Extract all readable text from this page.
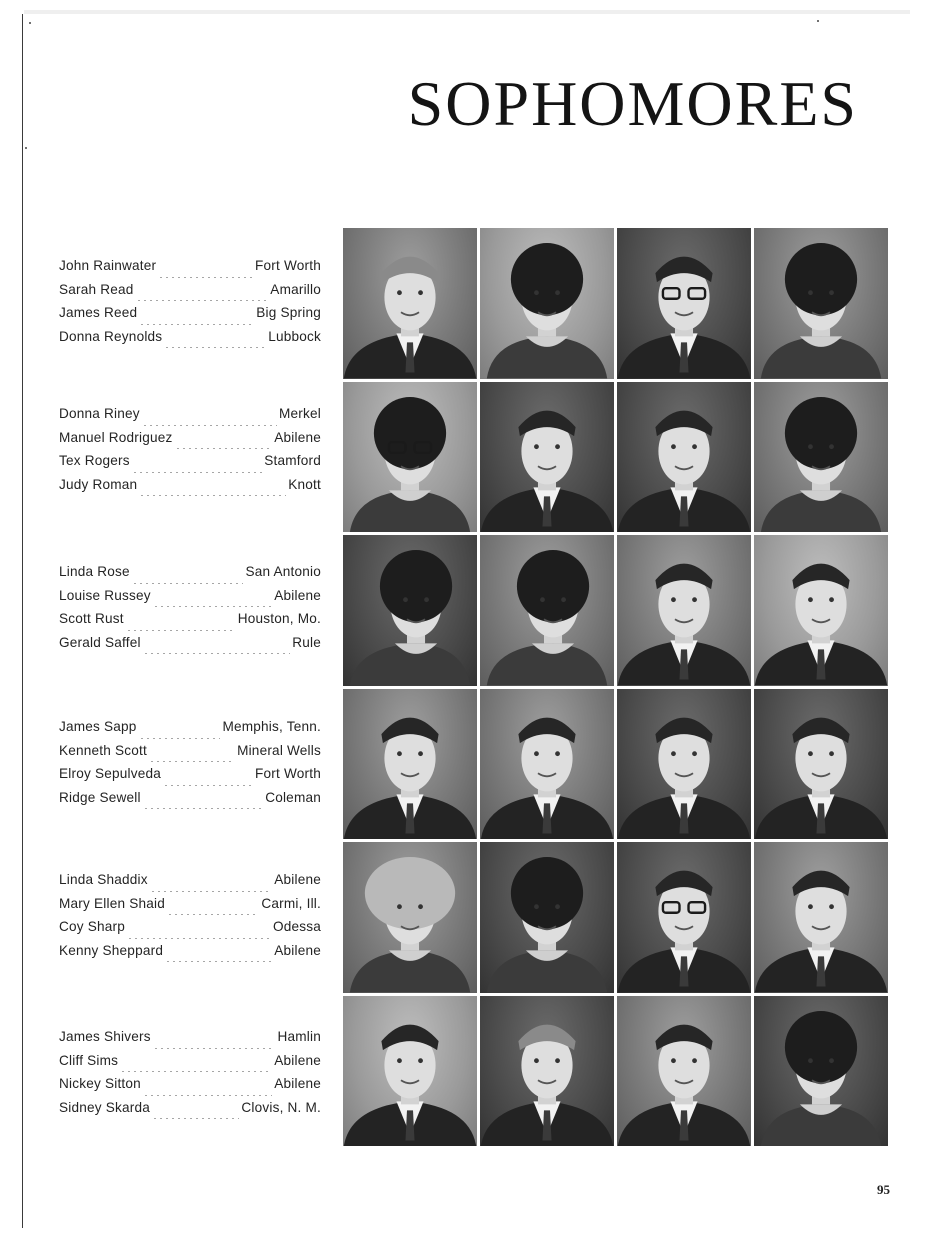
SOPHOMORES
John Rainwater	Fort Worth
Sarah Read	Amarillo
James Reed	Big Spring
Donna Reynolds	Lubbock
Donna Riney	Merkel
Manuel Rodriguez	Abilene
Tex Rogers	Stamford
Judy Roman	Knott
Linda Rose	San Antonio
Louise Russey	Abilene
Scott Rust	Houston, Mo.
Gerald Saffel	Rule
James Sapp	Memphis, Tenn.
Kenneth Scott	Mineral Wells
Elroy Sepulveda	Fort Worth
Ridge Sewell	Coleman
Linda Shaddix	Abilene
Mary Ellen Shaid	Carmi, Ill.
Coy Sharp	Odessa
Kenny Sheppard	Abilene
James Shivers	Hamlin
Cliff Sims	Abilene
Nickey Sitton	Abilene
Sidney Skarda	Clovis, N. M.
95
